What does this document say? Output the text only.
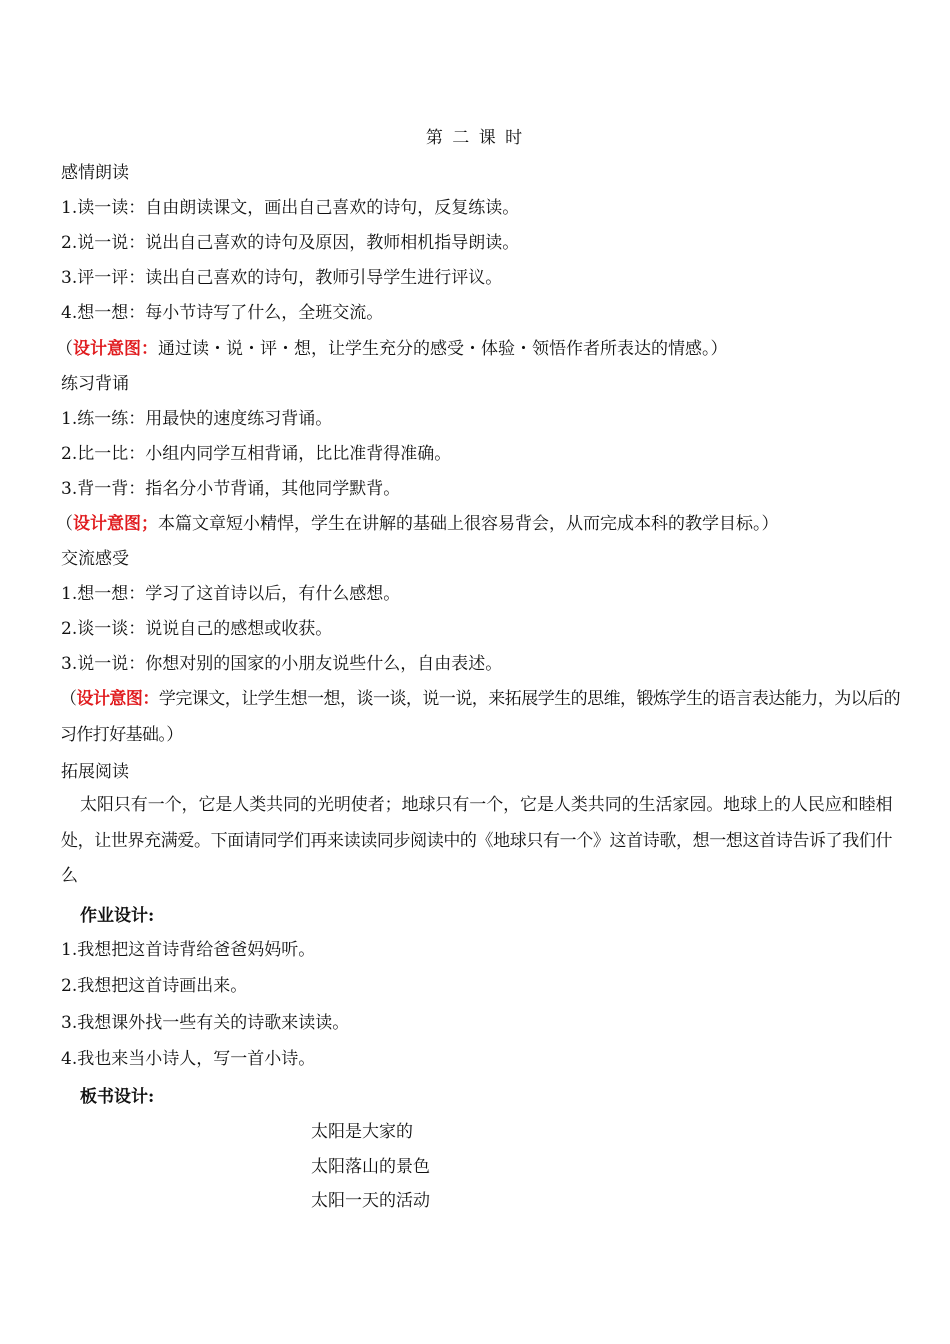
第 二 课 时
感情朗读
1.读一读：自由朗读课文，画出自己喜欢的诗句，反复练读。
2.说一说：说出自己喜欢的诗句及原因，教师相机指导朗读。
3.评一评：读出自己喜欢的诗句，教师引导学生进行评议。
4.想一想：每小节诗写了什么，全班交流。
（设计意图：通过读・说・评・想，让学生充分的感受・体验・领悟作者所表达的情感。）
练习背诵
1.练一练：用最快的速度练习背诵。
2.比一比：小组内同学互相背诵，比比准背得准确。
3.背一背：指名分小节背诵，其他同学默背。
（设计意图；本篇文章短小精悍，学生在讲解的基础上很容易背会，从而完成本科的教学目标。）
交流感受
1.想一想：学习了这首诗以后，有什么感想。
2.谈一谈：说说自己的感想或收获。
3.说一说：你想对别的国家的小朋友说些什么，自由表述。
（设计意图：学完课文，让学生想一想，谈一谈，说一说，来拓展学生的思维，锻炼学生的语言表达能力，为以后的习作打好基础。）
拓展阅读
太阳只有一个，它是人类共同的光明使者；地球只有一个，它是人类共同的生活家园。地球上的人民应和睦相处，让世界充满爱。下面请同学们再来读读同步阅读中的《地球只有一个》这首诗歌，想一想这首诗告诉了我们什么
作业设计:
1.我想把这首诗背给爸爸妈妈听。
2.我想把这首诗画出来。
3.我想课外找一些有关的诗歌来读读。
4.我也来当小诗人，写一首小诗。
板书设计:
太阳是大家的
太阳落山的景色
太阳一天的活动
